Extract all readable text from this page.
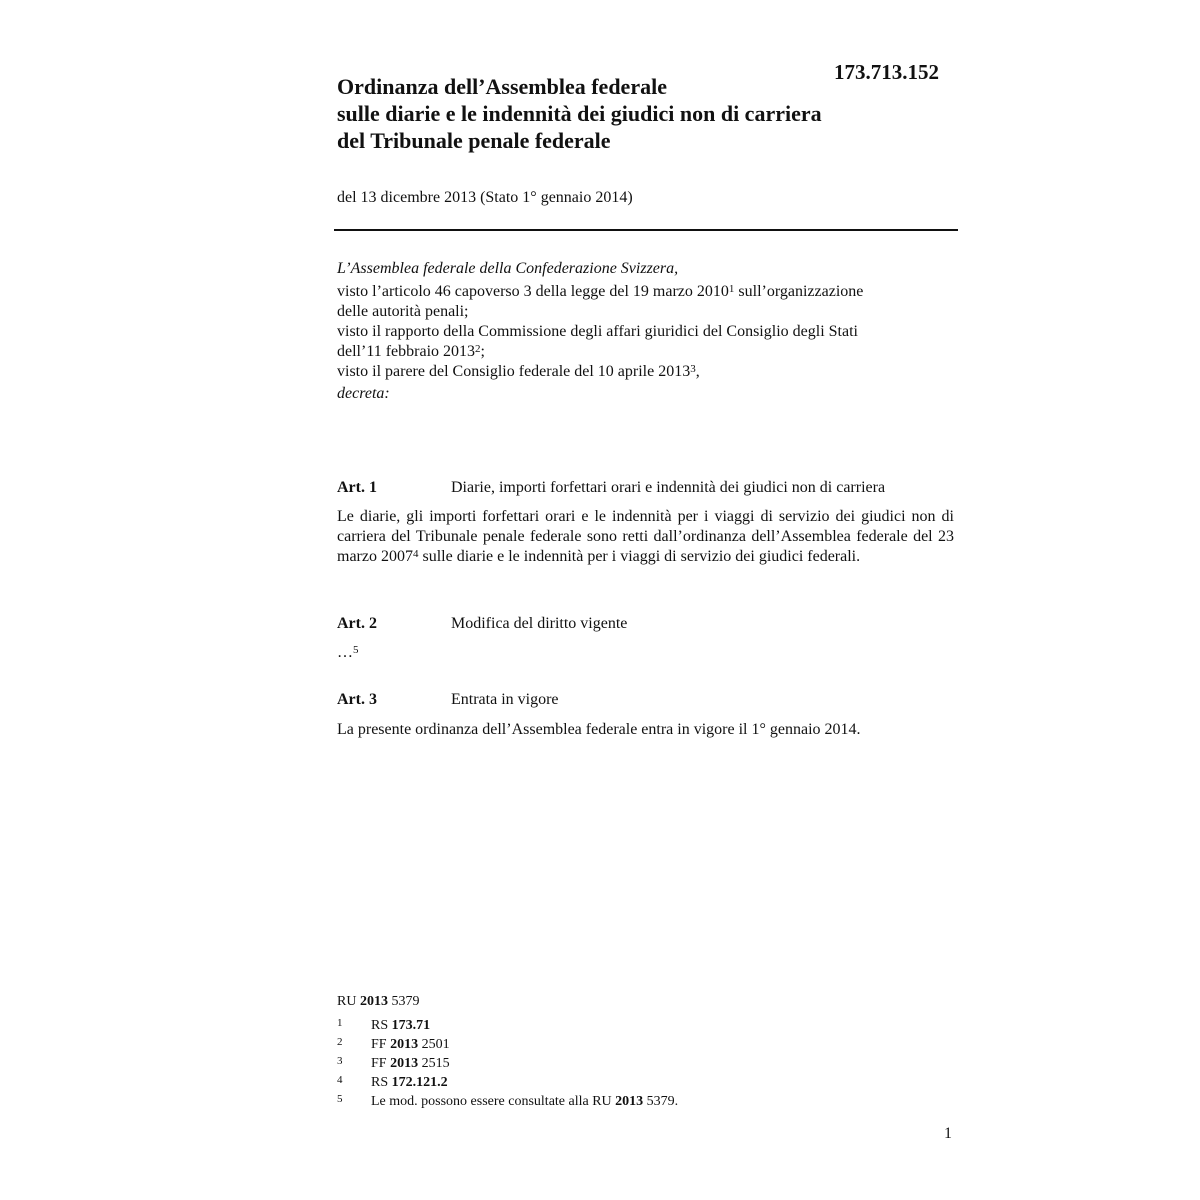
173.713.152
Ordinanza dell’Assemblea federale
sulle diarie e le indennità dei giudici non di carriera
del Tribunale penale federale
del 13 dicembre 2013 (Stato 1° gennaio 2014)
L’Assemblea federale della Confederazione Svizzera,
visto l’articolo 46 capoverso 3 della legge del 19 marzo 2010$^1$ sull’organizzazione
delle autorità penali;
visto il rapporto della Commissione degli affari giuridici del Consiglio degli Stati
dell’11 febbraio 2013$^2$;
visto il parere del Consiglio federale del 10 aprile 2013$^3$,
decreta:
Art. 1	Diarie, importi forfettari orari e indennità dei giudici non di carriera
Le diarie, gli importi forfettari orari e le indennità per i viaggi di servizio dei giudici non di carriera del Tribunale penale federale sono retti dall’ordinanza dell’Assemblea federale del 23 marzo 2007$^4$ sulle diarie e le indennità per i viaggi di servizio dei giudici federali.
Art. 2	Modifica del diritto vigente
…$^5$
Art. 3	Entrata in vigore
La presente ordinanza dell’Assemblea federale entra in vigore il 1° gennaio 2014.
RU 2013 5379
1 RS 173.71
2 FF 2013 2501
3 FF 2013 2515
4 RS 172.121.2
5 Le mod. possono essere consultate alla RU 2013 5379.
1
